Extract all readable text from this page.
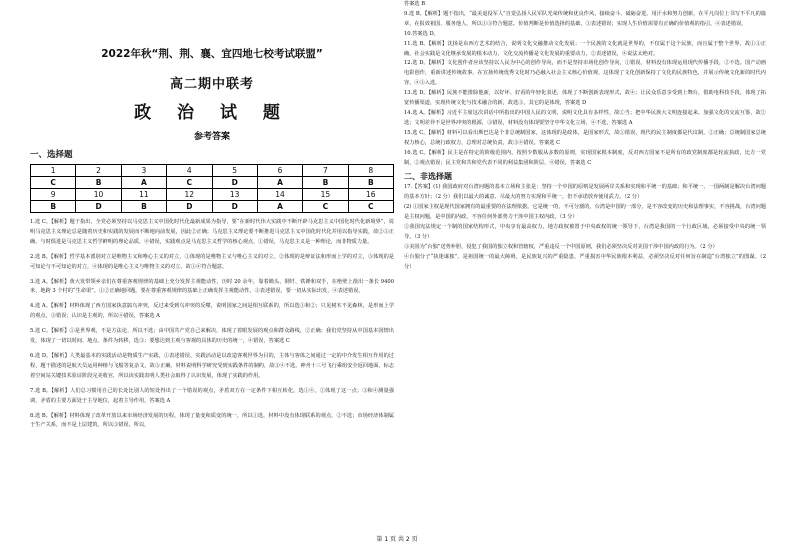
2022年秋“荆、荆、襄、宜四地七校考试联盟”
高二期中联考
政 治 试 题
参考答案
一、选择题
1	2	3	4	5	6	7	8
C	B	A	C	D	A	B	B
9	10	11	12	13	14	15	16
B	D	B	D	D	A	C	C

1.选 C。【解析】题干指出，全党必须坚持以马克思主义中国化时代化最新成果为指导，要“在新时代伟大实践中不断开辟马克思主义中国化时代化新境界”，说明马克思主义理论总是随着历史和实践的发展而不断地向前发展，因此②正确；马克思主义理论要不断推进马克思主义中国化时代化并用以指导实践，故②③正确。与时俱进是马克思主义哲学鲜明的理论品质，④错误，实践观点是马克思主义哲学的核心观点，①错误，马克思主义是一种理论，而非物质力量。

2.选 B。【解析】哲学基本派别对立是唯物主义和唯心主义的对立，①体现的是唯物主义与唯心主义的对立。②体现的是辩证法和形而上学的对立，③体现的是可知论与不可知论的对立，④体现的是唯心主义与唯物主义的对立。故①④符合题意。

3.选 A。【解析】黄大发带领乡亲们在尊重客观规律的基础上充分发挥主观能动性，历时 20 余年，靠着锄头、钢钎、铁锤和双手，在绝壁上凿出一条长 9400 米，地跨 3 个村的“生命渠”。①②正确地回题。要在尊重客观规律的基础上正确发挥主观能动性，③表述错误，要一切从实际出发，④表述错误。

4.选 A。【解析】材料体现了西方国家执意搞乌冲突，反过来受到乌冲突的反噬，说明国家之间是相互联系的，所以选①和②；只见树木不见森林，是形而上学的观点，③错误；认识是主观的，所以④错误，答案选 A

5.选 C。【解析】①是世界观，不是方法论，所以不选；由中国共产党自己来解决，体现了着眼发展的观点和群众路线，②正确；我们党坚持从中国基本国情出发，体现了一切以时间、地点、条件为转移，选③；要想达到主观与客观的具体的历史的统一，④错误，答案选 C

6.选 D。【解析】人类最基本的实践活动是物质生产实践，①表述错误。实践活动是以改造客观世界为目的，主体与客体之间通过一定的中介发生相互作用的过程，题干描述的是航天员运用种植与飞船等复杂文，故③正确。材料说明科学研究受到实践条件的制约，故③④不选。神舟十三号飞行乘组安全返回地面，标志着空间站关键技术验证阶段完美收官，所以该实践表明人类社会取得了认识发展，体现了实践的作用。

7.选 B。【解析】人们总习惯用自己的长处比别人的短处得出了一个错误的观点，矛盾双方在一定条件下相互转化，选①④，②体现了这一点；③和④测量强调，矛盾的主要方面处于主导地位，起着主导作用，答案选 A

8.选 B。【解析】材料体现了改革开放以来市场经济发展的历程，体现了量变和质变的统一，所以①选，材料中没有体现联系的观点，②不选；市场经济体制属于生产关系，而不是上层建筑，所以③错误，所以，

答案选 B

9.选 B。【解析】题干指出，“最美退役军人”自觉弘扬人民军队光荣传统和优良作风，接续奋斗、砥砺奋进，用汗水和努力创新，在平凡岗位上书写不平凡的篇章，在报效祖国、服务他人，所以①③符合题意。价值判断是价值选择的基础，①表述错误；实现人生价值需要有正确的价值观的指引，④表述错误。

10.答案选 D。

11.选 B。【解析】沈扬是东西方艺术的结合，说明文化交融推动文化发展；一个民族的文化就是世界的，不仅属于这个民族，而且属于整个世界，故①③正确。社会实践是文化继承发展的根本动力，文化交流传播是文化发展的重要动力，②表述错误，④说法太绝对。

12.选 D。【解析】文化创作者应该坚持以人民为中心的创作导向，而不是坚持市场化创作导向，①错误。材料没有体现运用现代传播手段，②不选。国产动画电影创作，重新讲述传统故事，在宣扬传统优秀文化时乃必融入社会主义核心价值观，这体现了文化创新保持了文化的民族特色，并展示传统文化新的时代内容，④③入选。

13.选 D。【解析】民族不能排除他新，以好坏、好看的年轻化表述，体现了不断创新表现形式，故④；让民众乐意享受到上舞台，借助电科技手段，体现了拓宽传播渠道，实现传统文化与技术融合的新，故选③，其它的是体现，答案选 D

14.选 A。【解析】习近平主席这次讲话中所指出的中国人民的文明，说明文化具有多样性，故①当；把中华民族大文明连接起来，加强文化的交流互鉴，故②选；文明差异不是世界冲突的根源，③错误，材料没有体现要坚守中华文化立场，④不选，答案选 A

15.选 C。【解析】材料可以看出斯巴达是个非总统制国家，这体现的是政体，是国家形式，故①错误，现代的民主制度都是代议制，②正确；总统制国家总统权力核心，总统行政权力，总理对总统负责，故③④错误。答案选 C

16.选 C。【解析】民主是在特定的阶级范围内，按照少数服从多数的原则，实现国家根本制度，反对西方国家不是所有的政党制度都是轮流执政，比方一党制，②观点错误；民主党和共和党代表不同的利益集团和阶层，④错误，答案选 C

二、非选择题

17.【答案】(1) 我国政府对台湾问题的基本立场和主张是：坚持一个中国的原则是发展两岸关系和实现和平统一的基础；和平统一、一国两制是解决台湾问题的基本方针；（2 分）我们以最大的诚意、尽最大的努力实现和平统一，但不承诺放弃使用武力。（2 分）

(2) ①国家主权是现代国家拥有的最重要的在法理依据。它是统一的，不可分割的，台湾是中国的一部分，是不容改变的历史和法理事实，不容挑战，台湾问题是主权问题，是中国的内政，不容任何外部势力干涉中国主权内政。（3 分）

②我国宪法规定一个制的国家结构形式，中央享有最高权力，地方政权被置于中央政权的统一领导下，台湾是我国的一个行政区域，必须接受中央的统一领导。（3 分）

③美国为“台独”送势补胆，侵犯了我国的独立权和管辖权，严重违反一个中国原则，我们必须坚决反对美国干涉中国内政的行为。（2 分）

④台独分子“执迷谋独”，是祖国统一的最大障碍，是民族复兴的严重隐患，严重损害中华民族根本利益，必须坚决反对任何旨在制造“台湾独立”的图谋。（2 分）

第 1 页 共 2 页
